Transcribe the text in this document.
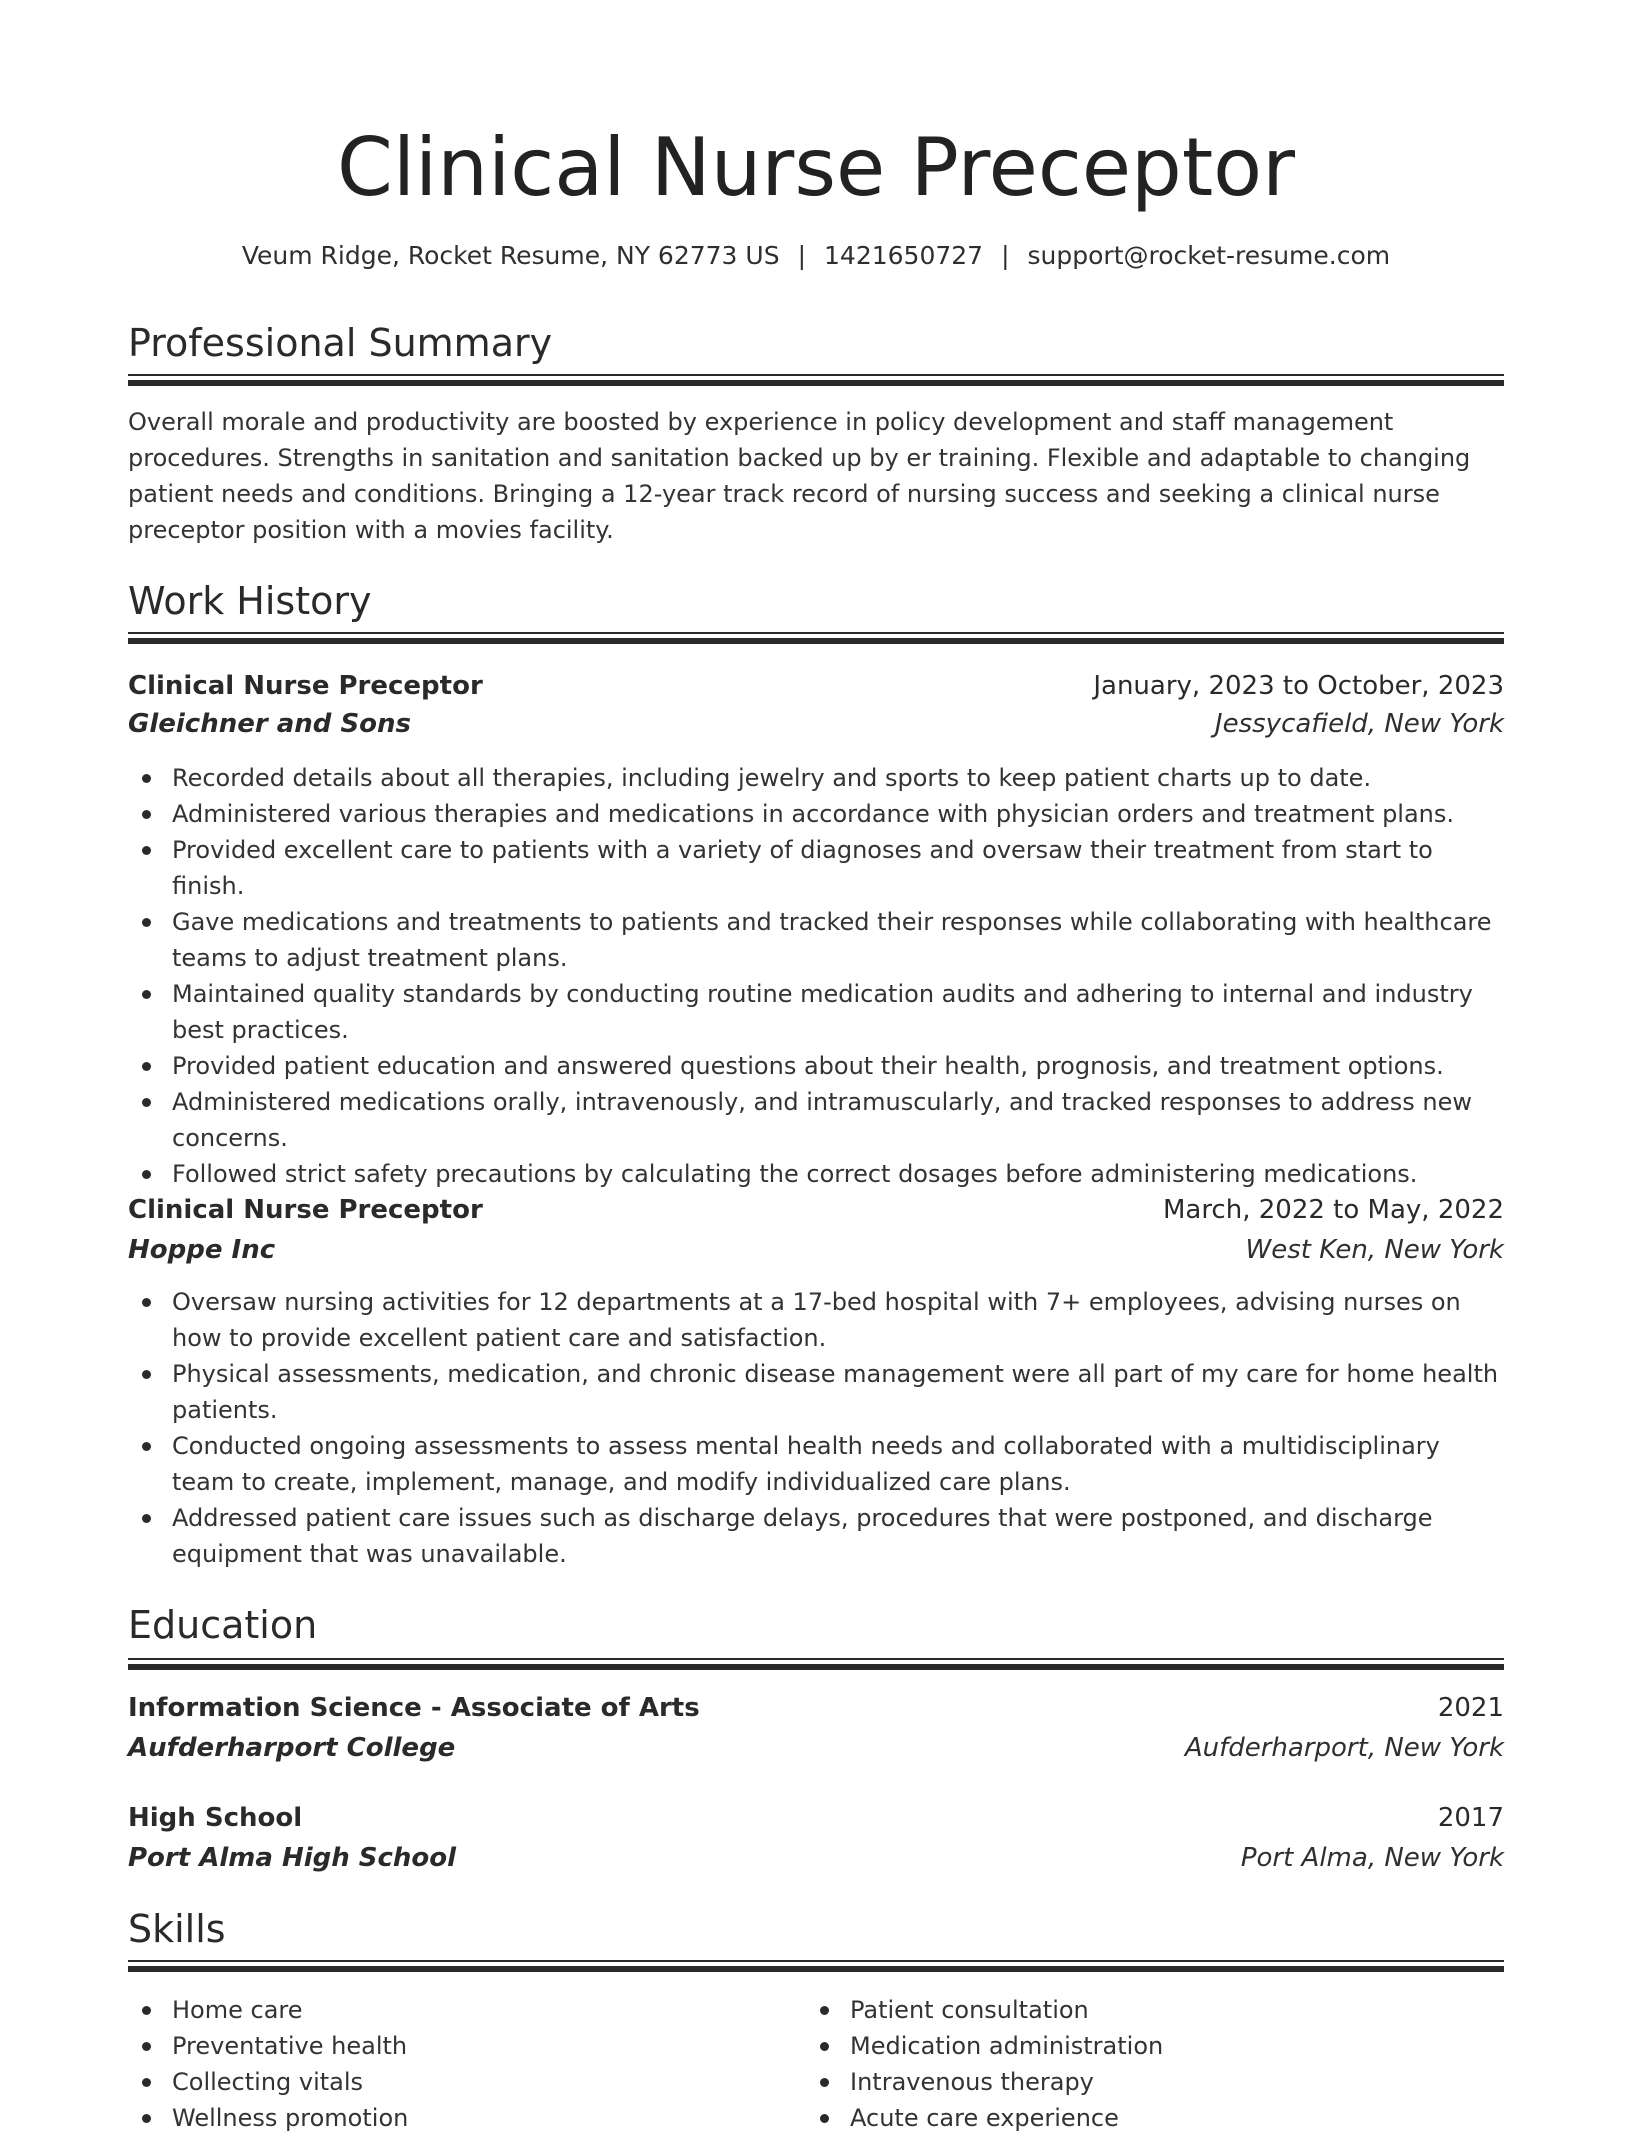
Clinical Nurse Preceptor
Veum Ridge, Rocket Resume, NY 62773 US | 1421650727 | support@rocket-resume.com
Professional Summary

Overall morale and productivity are boosted by experience in policy development and staff management procedures. Strengths in sanitation and sanitation backed up by er training. Flexible and adaptable to changing patient needs and conditions. Bringing a 12-year track record of nursing success and seeking a clinical nurse preceptor position with a movies facility.

Work History
Clinical Nurse Preceptor	January, 2023 to October, 2023
Gleichner and Sons	Jessycafield, New York
Recorded details about all therapies, including jewelry and sports to keep patient charts up to date.
Administered various therapies and medications in accordance with physician orders and treatment plans.
Provided excellent care to patients with a variety of diagnoses and oversaw their treatment from start to finish.
Gave medications and treatments to patients and tracked their responses while collaborating with healthcare teams to adjust treatment plans.
Maintained quality standards by conducting routine medication audits and adhering to internal and industry best practices.
Provided patient education and answered questions about their health, prognosis, and treatment options.
Administered medications orally, intravenously, and intramuscularly, and tracked responses to address new concerns.
Followed strict safety precautions by calculating the correct dosages before administering medications.
Clinical Nurse Preceptor	March, 2022 to May, 2022
Hoppe Inc	West Ken, New York
Oversaw nursing activities for 12 departments at a 17-bed hospital with 7+ employees, advising nurses on how to provide excellent patient care and satisfaction.
Physical assessments, medication, and chronic disease management were all part of my care for home health patients.
Conducted ongoing assessments to assess mental health needs and collaborated with a multidisciplinary team to create, implement, manage, and modify individualized care plans.
Addressed patient care issues such as discharge delays, procedures that were postponed, and discharge equipment that was unavailable.
Education
Information Science - Associate of Arts	2021
Aufderharport College	Aufderharport, New York
High School	2017
Port Alma High School	Port Alma, New York
Skills
Home care
Preventative health
Collecting vitals
Wellness promotion
Patient consultation
Medication administration
Intravenous therapy
Acute care experience
